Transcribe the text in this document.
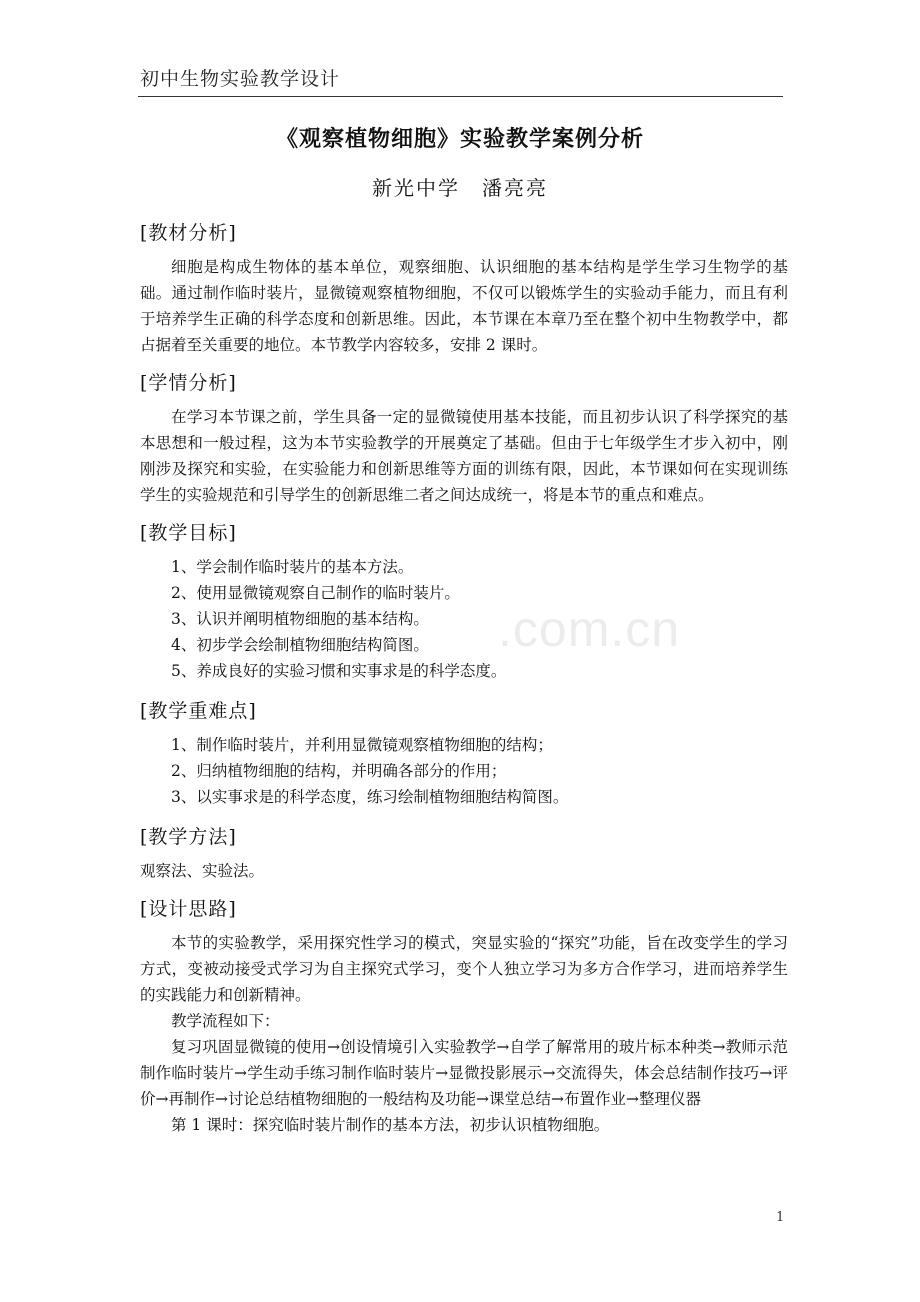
初中生物实验教学设计
《观察植物细胞》实验教学案例分析
新光中学　潘亮亮
.com.cn
[教材分析]

细胞是构成生物体的基本单位，观察细胞、认识细胞的基本结构是学生学习生物学的基础。通过制作临时装片，显微镜观察植物细胞，不仅可以锻炼学生的实验动手能力，而且有利于培养学生正确的科学态度和创新思维。因此，本节课在本章乃至在整个初中生物教学中，都占据着至关重要的地位。本节教学内容较多，安排 2 课时。

[学情分析]

在学习本节课之前，学生具备一定的显微镜使用基本技能，而且初步认识了科学探究的基本思想和一般过程，这为本节实验教学的开展奠定了基础。但由于七年级学生才步入初中，刚刚涉及探究和实验，在实验能力和创新思维等方面的训练有限，因此，本节课如何在实现训练学生的实验规范和引导学生的创新思维二者之间达成统一，将是本节的重点和难点。

[教学目标]
1、学会制作临时装片的基本方法。
2、使用显微镜观察自己制作的临时装片。
3、认识并阐明植物细胞的基本结构。
4、初步学会绘制植物细胞结构简图。
5、养成良好的实验习惯和实事求是的科学态度。
[教学重难点]
1、制作临时装片，并利用显微镜观察植物细胞的结构；
2、归纳植物细胞的结构，并明确各部分的作用；
3、以实事求是的科学态度，练习绘制植物细胞结构简图。
[教学方法]

观察法、实验法。

[设计思路]

本节的实验教学，采用探究性学习的模式，突显实验的“探究”功能，旨在改变学生的学习方式，变被动接受式学习为自主探究式学习，变个人独立学习为多方合作学习，进而培养学生的实践能力和创新精神。

教学流程如下：

复习巩固显微镜的使用→创设情境引入实验教学→自学了解常用的玻片标本种类→教师示范制作临时装片→学生动手练习制作临时装片→显微投影展示→交流得失，体会总结制作技巧→评价→再制作→讨论总结植物细胞的一般结构及功能→课堂总结→布置作业→整理仪器

第 1 课时：探究临时装片制作的基本方法，初步认识植物细胞。

1
